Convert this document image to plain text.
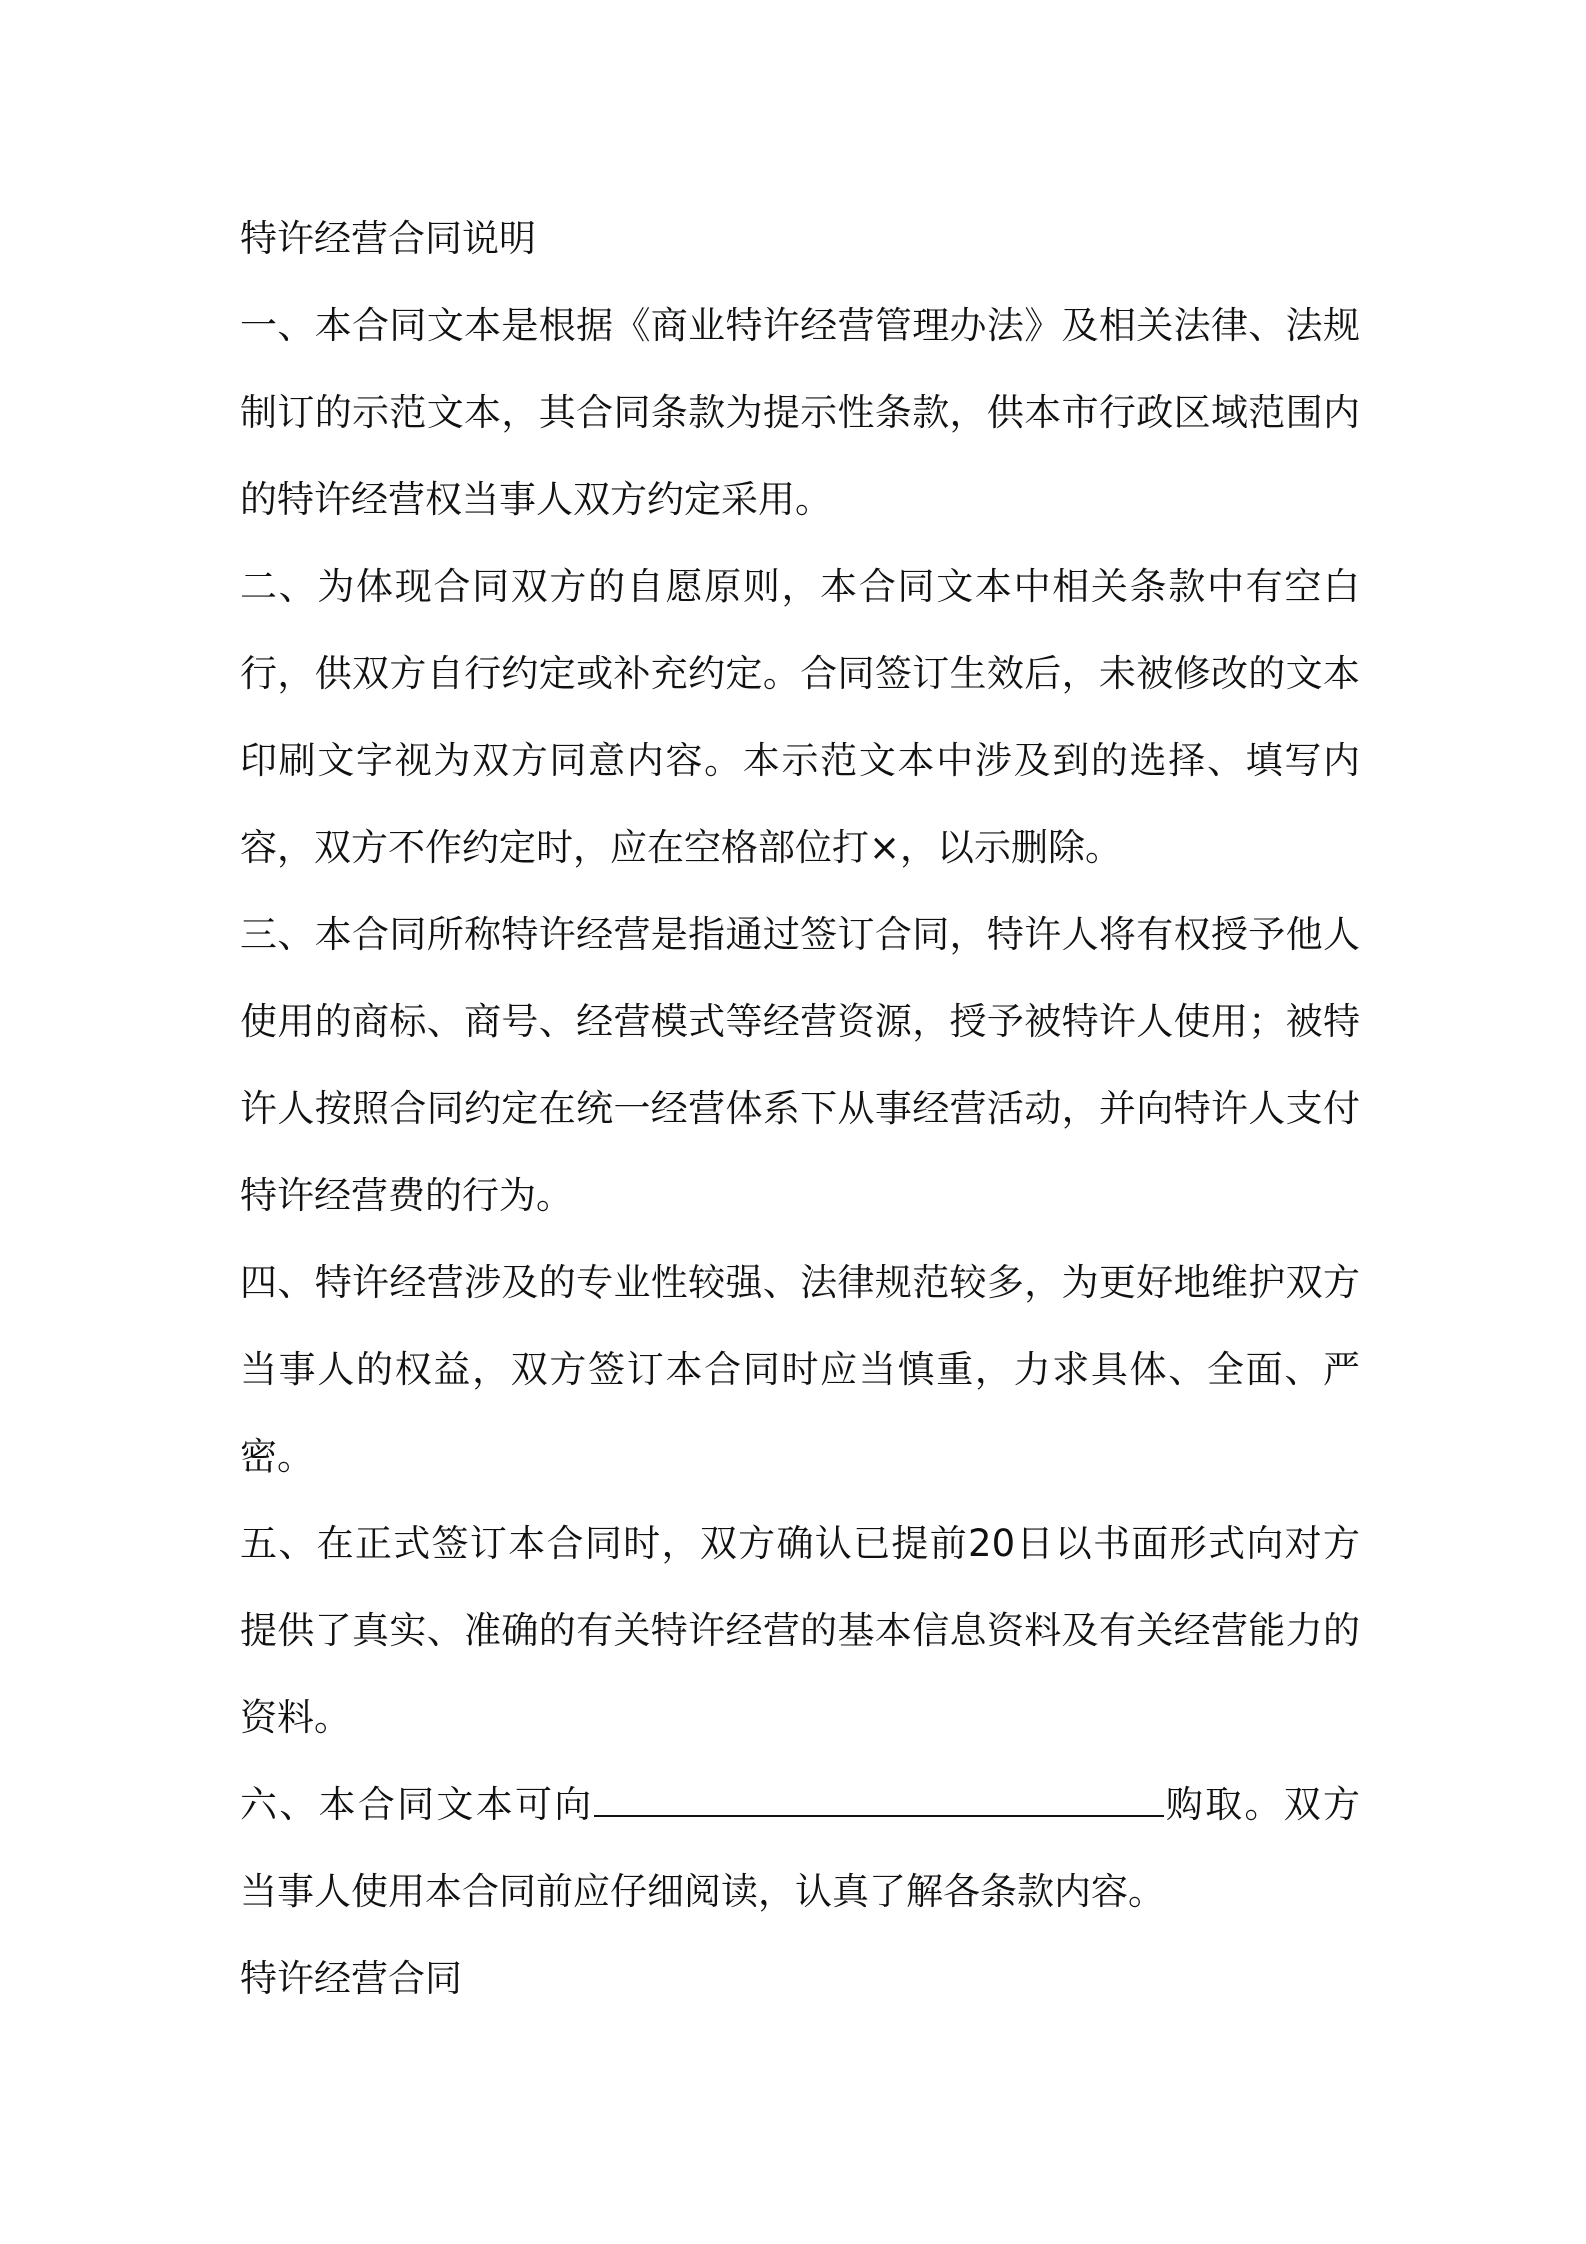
特许经营合同说明

一、本合同文本是根据《商业特许经营管理办法》及相关法律、法规制订的示范文本，其合同条款为提示性条款，供本市行政区域范围内的特许经营权当事人双方约定采用。

二、为体现合同双方的自愿原则，本合同文本中相关条款中有空白行，供双方自行约定或补充约定。合同签订生效后，未被修改的文本印刷文字视为双方同意内容。本示范文本中涉及到的选择、填写内容，双方不作约定时，应在空格部位打×，以示删除。

三、本合同所称特许经营是指通过签订合同，特许人将有权授予他人使用的商标、商号、经营模式等经营资源，授予被特许人使用；被特许人按照合同约定在统一经营体系下从事经营活动，并向特许人支付特许经营费的行为。

四、特许经营涉及的专业性较强、法律规范较多，为更好地维护双方当事人的权益，双方签订本合同时应当慎重，力求具体、全面、严密。

五、在正式签订本合同时，双方确认已提前20日以书面形式向对方提供了真实、准确的有关特许经营的基本信息资料及有关经营能力的资料。

六、本合同文本可向	购取。双方当事人使用本合同前应仔细阅读，认真了解各条款内容。

特许经营合同
